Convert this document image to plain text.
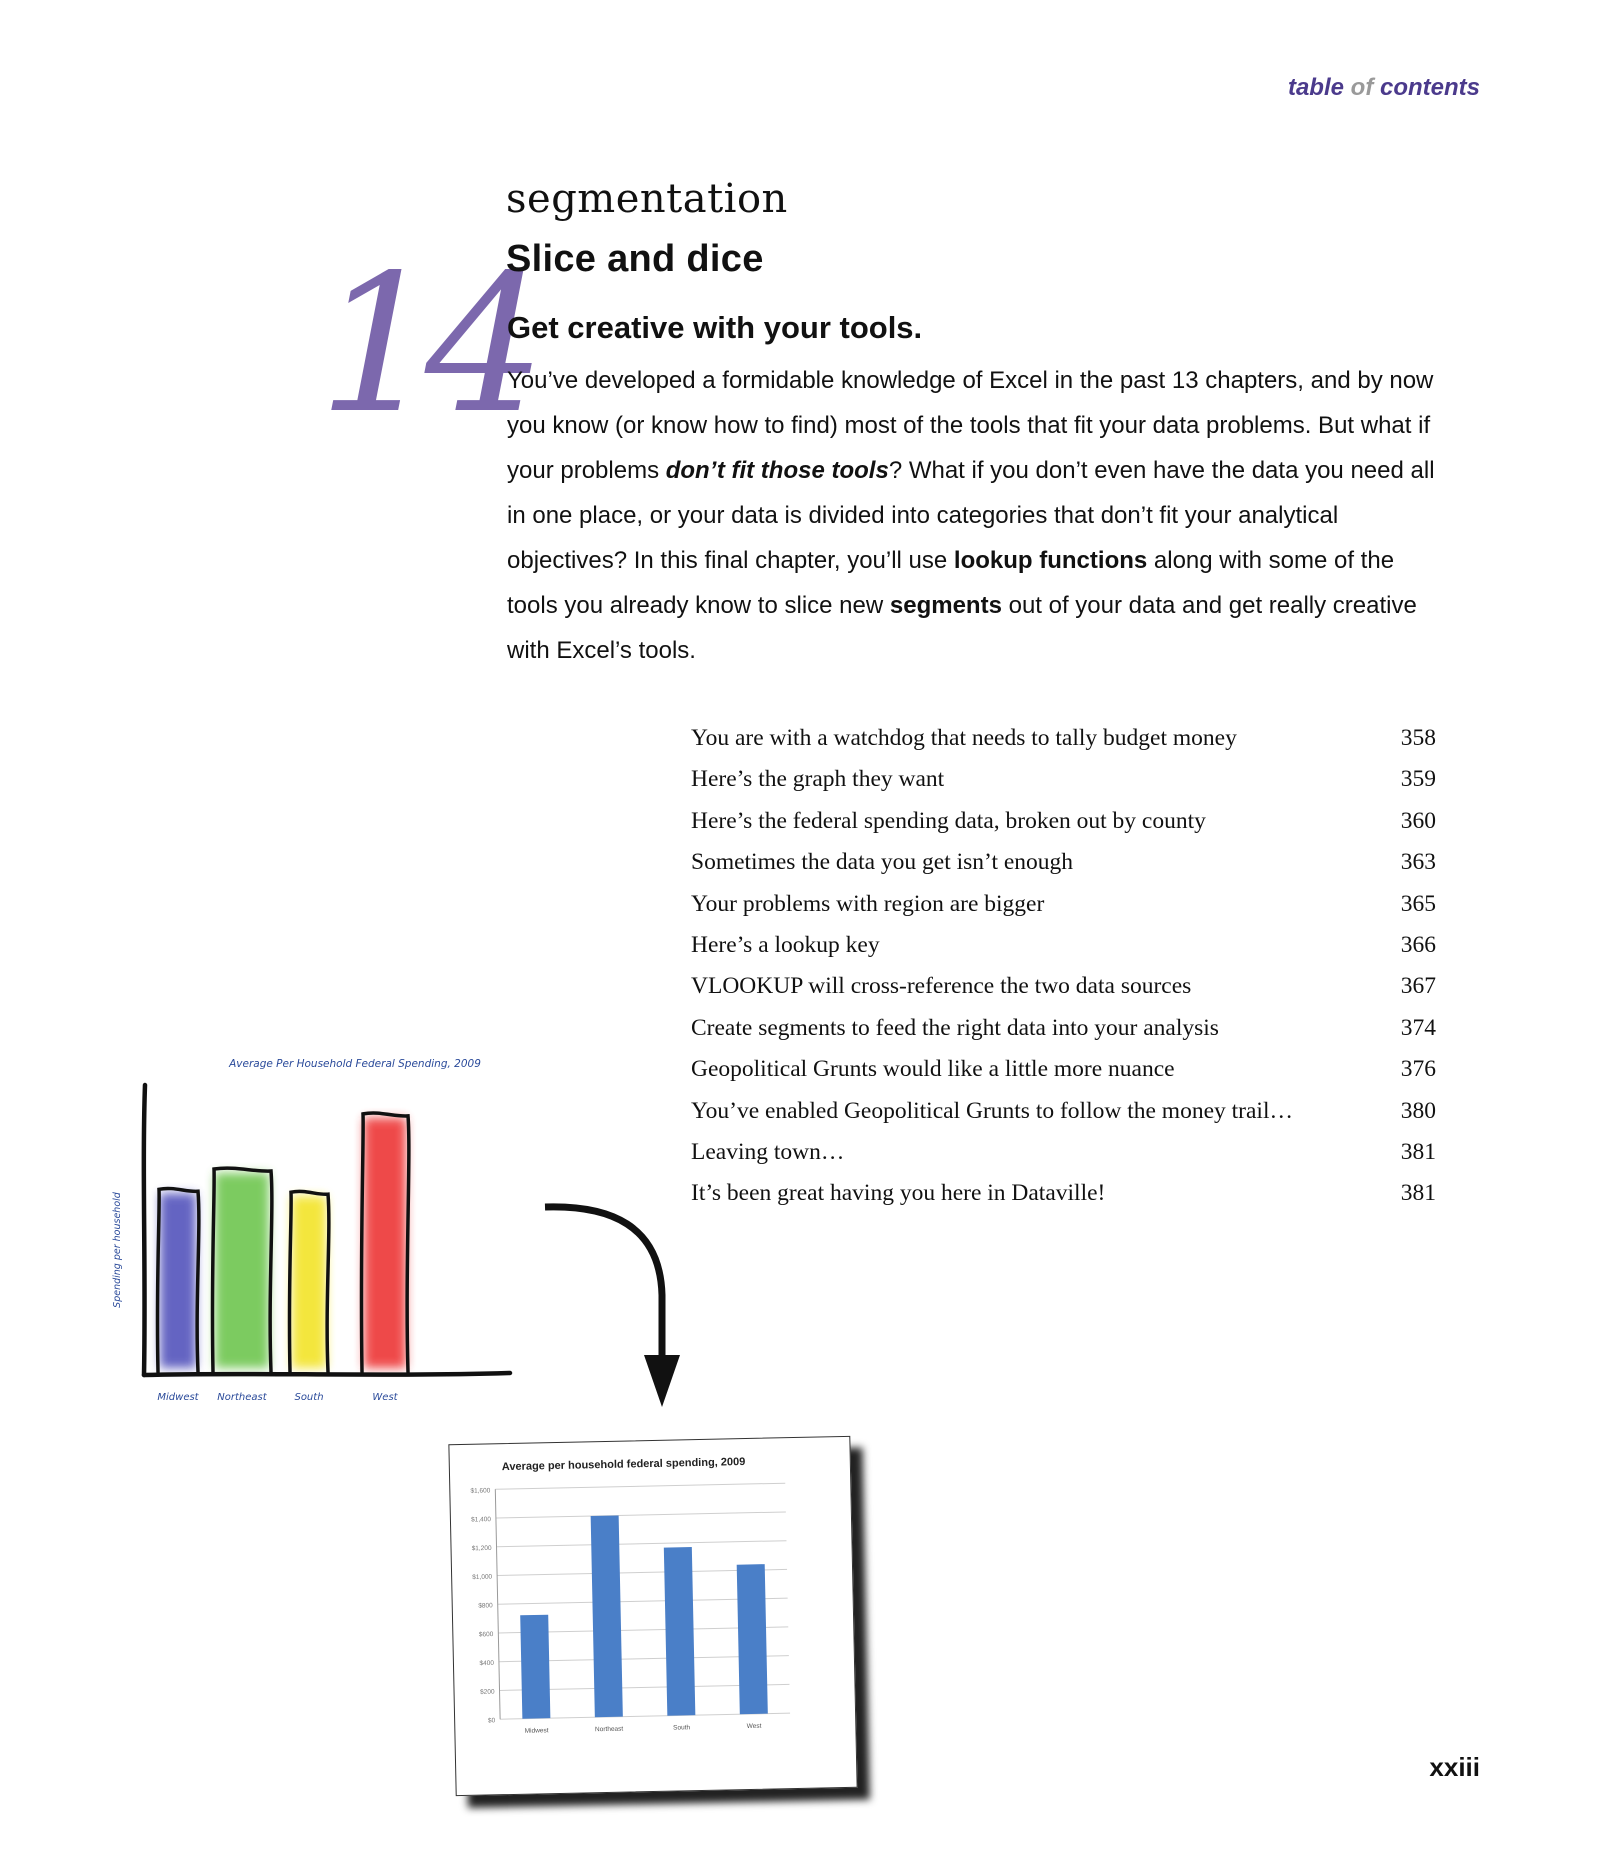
table of contents
segmentation
14
Slice and dice
Get creative with your tools.
You’ve developed a formidable knowledge of Excel in the past 13 chapters, and by now you know (or know how to find) most of the tools that fit your data problems. But what if your problems don’t fit those tools? What if you don’t even have the data you need all in one place, or your data is divided into categories that don’t fit your analytical objectives? In this final chapter, you’ll use lookup functions along with some of the tools you already know to slice new segments out of your data and get really creative with Excel’s tools.
You are with a watchdog that needs to tally budget money	358
Here’s the graph they want	359
Here’s the federal spending data, broken out by county	360
Sometimes the data you get isn’t enough	363
Your problems with region are bigger	365
Here’s a lookup key	366
VLOOKUP will cross-reference the two data sources	367
Create segments to feed the right data into your analysis	374
Geopolitical Grunts would like a little more nuance	376
You’ve enabled Geopolitical Grunts to follow the money trail…	380
Leaving town…	381
It’s been great having you here in Dataville!	381
Average Per Household Federal Spending, 2009
Spending per household
Midwest Northeast	South	West
Average per household federal spending, 2009
$0
$200
$400
$600
$800
$1,000
$1,200
$1,400
$1,600
Midwest	Northeast	South	West
xxiii
